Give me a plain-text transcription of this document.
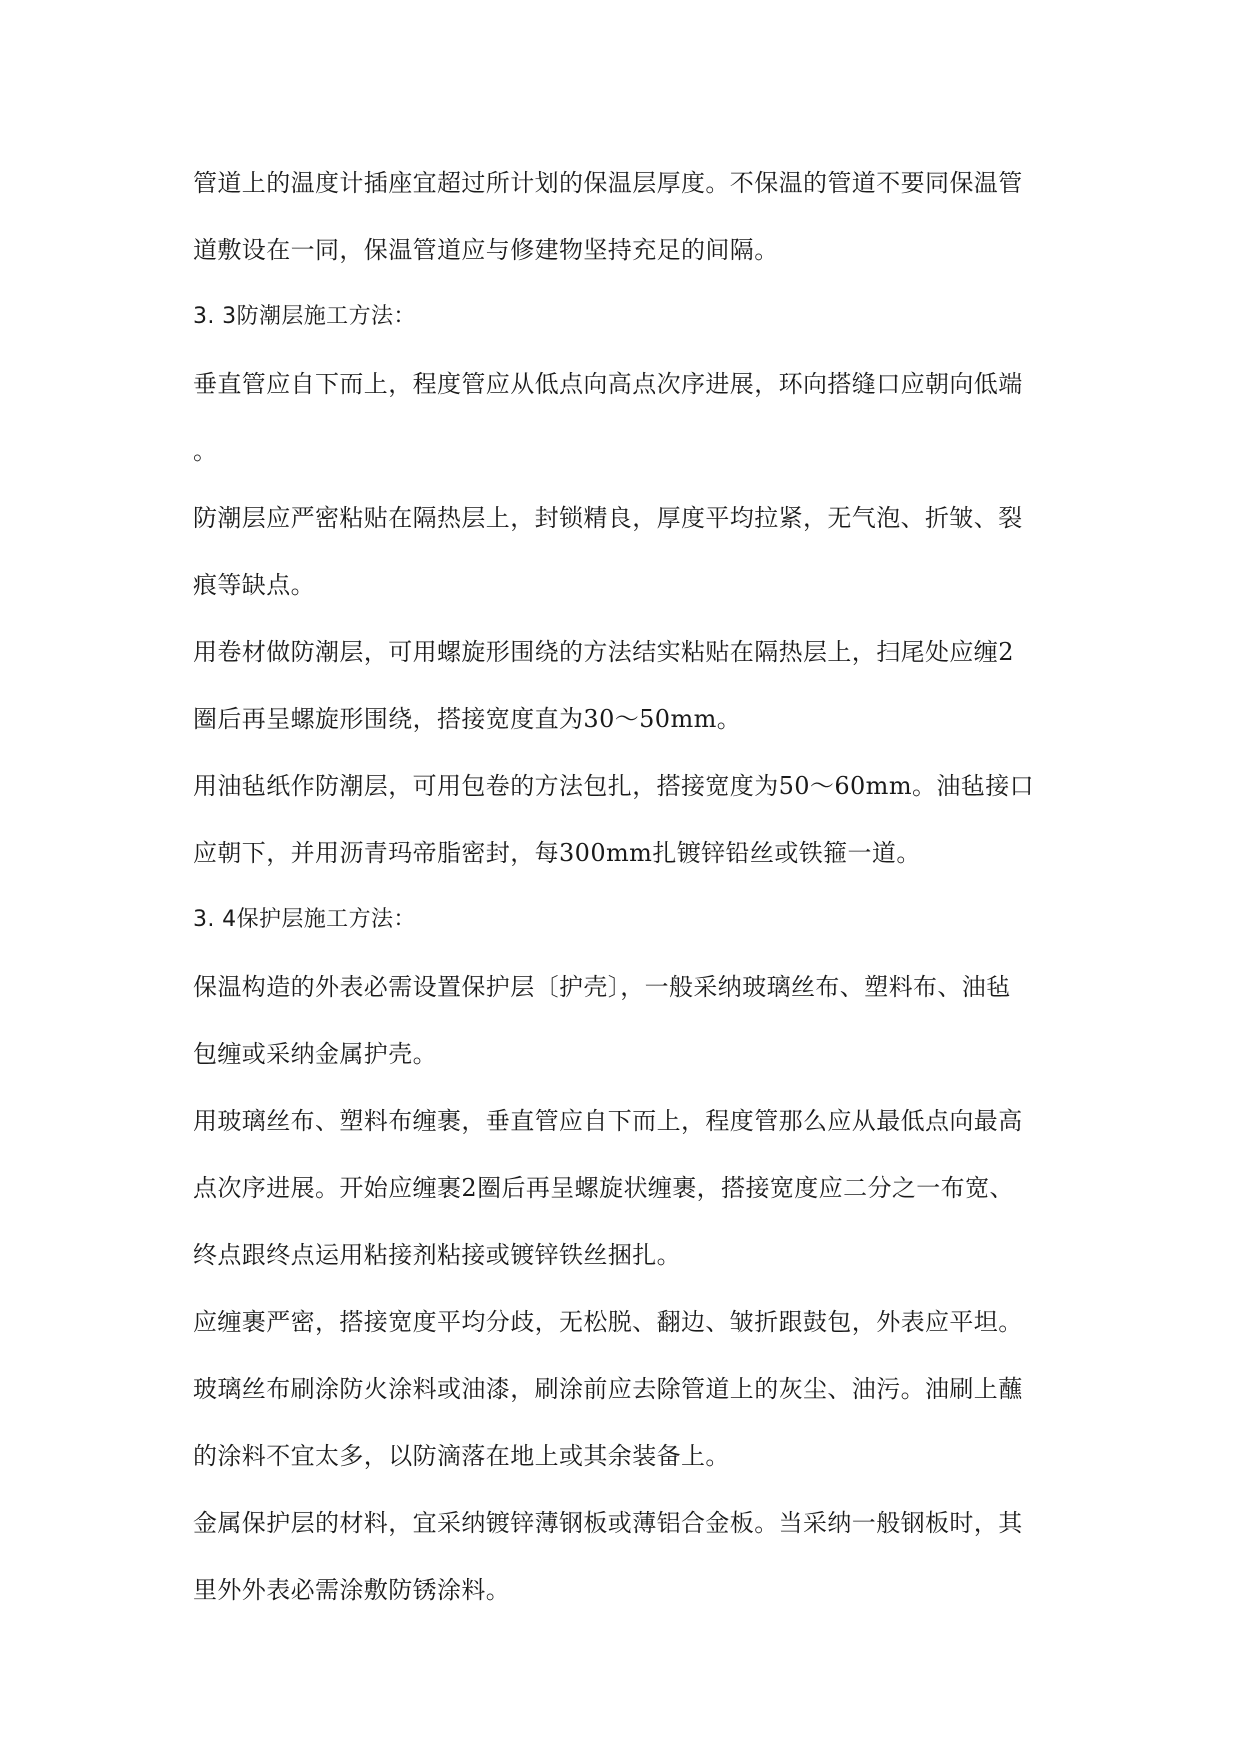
管道上的温度计插座宜超过所计划的保温层厚度。不保温的管道不要同保温管
道敷设在一同，保温管道应与修建物坚持充足的间隔。
3. 3防潮层施工方法：
垂直管应自下而上，程度管应从低点向高点次序进展，环向搭缝口应朝向低端
。
防潮层应严密粘贴在隔热层上，封锁精良，厚度平均拉紧，无气泡、折皱、裂
痕等缺点。
用卷材做防潮层，可用螺旋形围绕的方法结实粘贴在隔热层上，扫尾处应缠2
圈后再呈螺旋形围绕，搭接宽度直为30～50mm。
用油毡纸作防潮层，可用包卷的方法包扎，搭接宽度为50～60mm。油毡接口
应朝下，并用沥青玛帝脂密封，每300mm扎镀锌铅丝或铁箍一道。
3. 4保护层施工方法：
保温构造的外表必需设置保护层〔护壳〕，一般采纳玻璃丝布、塑料布、油毡
包缠或采纳金属护壳。
用玻璃丝布、塑料布缠裹，垂直管应自下而上，程度管那么应从最低点向最高
点次序进展。开始应缠裹2圈后再呈螺旋状缠裹，搭接宽度应二分之一布宽、
终点跟终点运用粘接剂粘接或镀锌铁丝捆扎。
应缠裹严密，搭接宽度平均分歧，无松脱、翻边、皱折跟鼓包，外表应平坦。
玻璃丝布刷涂防火涂料或油漆，刷涂前应去除管道上的灰尘、油污。油刷上蘸
的涂料不宜太多，以防滴落在地上或其余装备上。
金属保护层的材料，宜采纳镀锌薄钢板或薄铝合金板。当采纳一般钢板时，其
里外外表必需涂敷防锈涂料。
